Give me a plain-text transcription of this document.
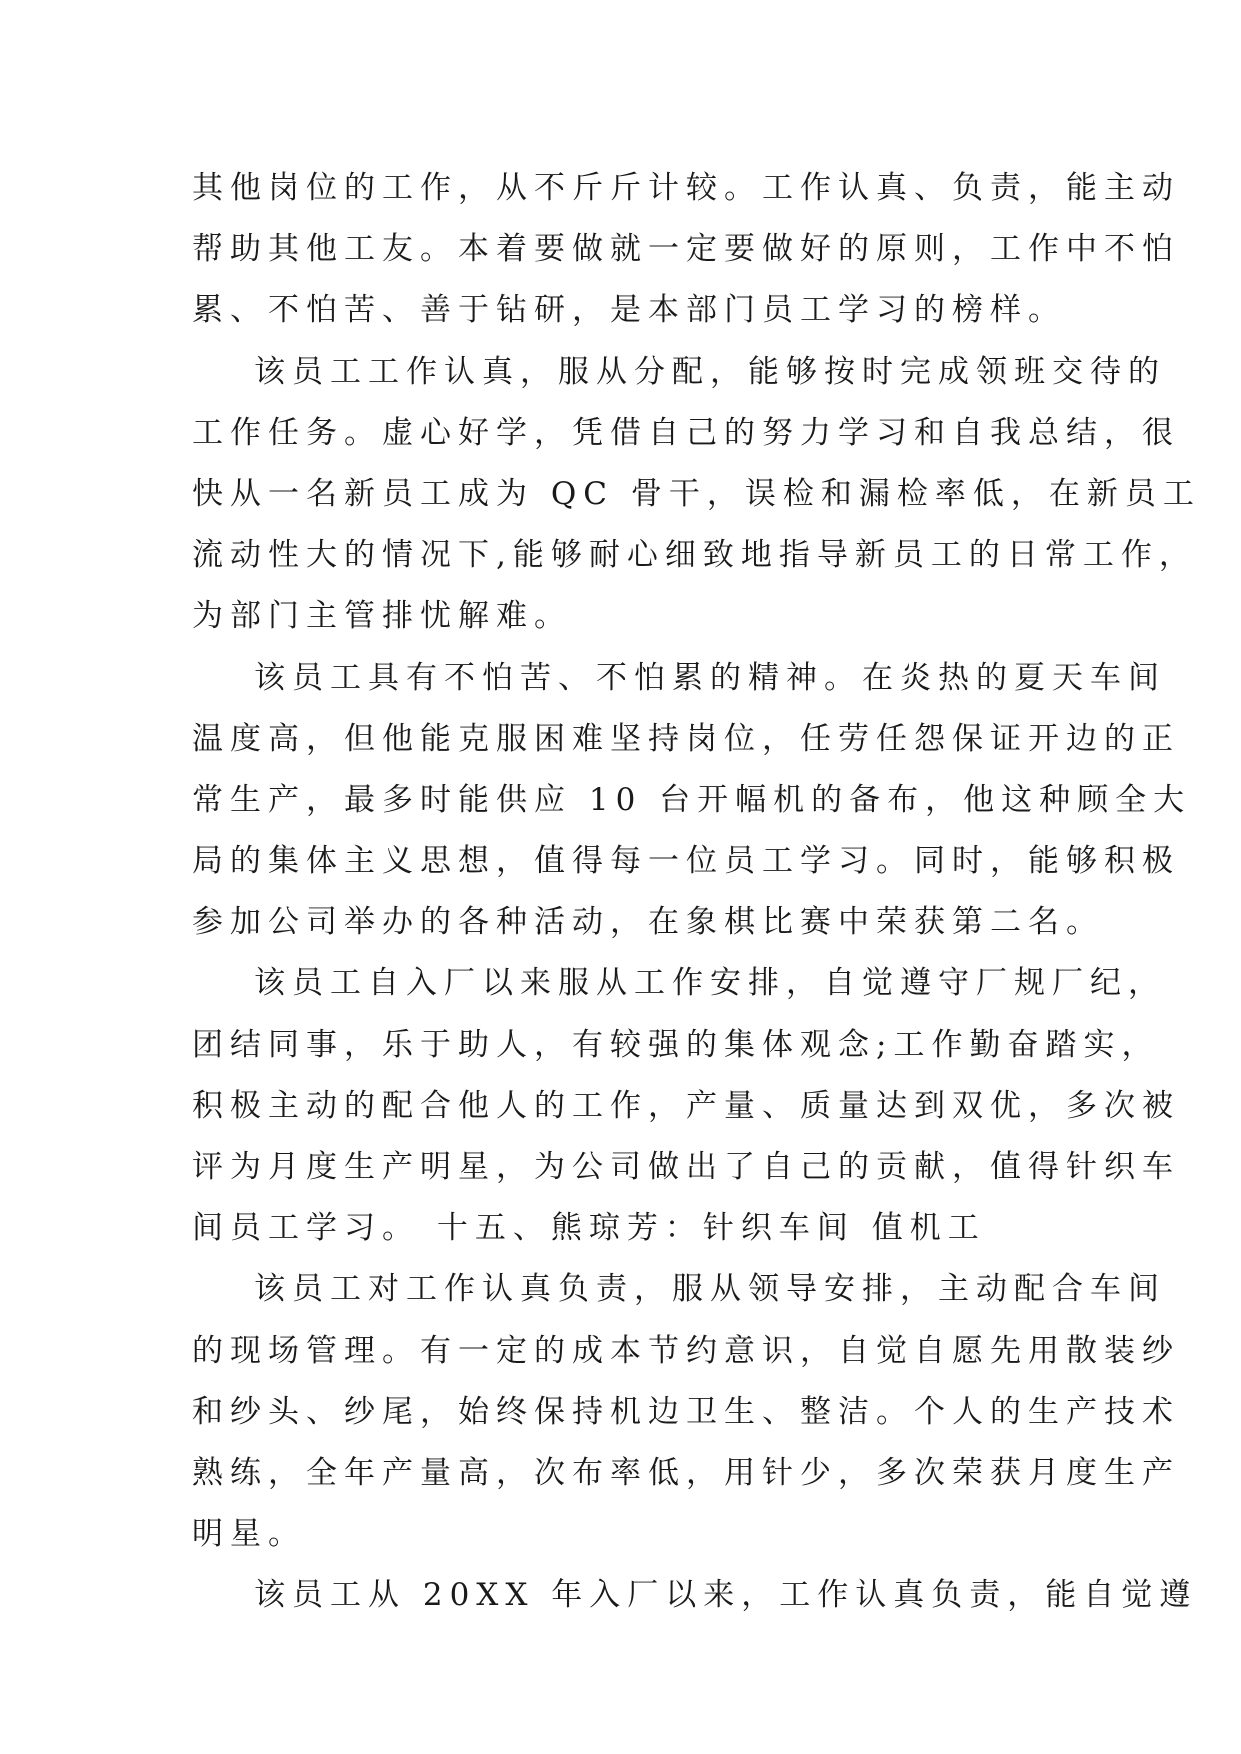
其他岗位的工作，从不斤斤计较。工作认真、负责，能主动
帮助其他工友。本着要做就一定要做好的原则，工作中不怕
累、不怕苦、善于钻研，是本部门员工学习的榜样。
该员工工作认真，服从分配，能够按时完成领班交待的
工作任务。虚心好学，凭借自己的努力学习和自我总结，很
快从一名新员工成为 QC 骨干，误检和漏检率低，在新员工
流动性大的情况下,能够耐心细致地指导新员工的日常工作，
为部门主管排忧解难。
该员工具有不怕苦、不怕累的精神。在炎热的夏天车间
温度高，但他能克服困难坚持岗位，任劳任怨保证开边的正
常生产，最多时能供应 10 台开幅机的备布，他这种顾全大
局的集体主义思想，值得每一位员工学习。同时，能够积极
参加公司举办的各种活动，在象棋比赛中荣获第二名。
该员工自入厂以来服从工作安排，自觉遵守厂规厂纪，
团结同事，乐于助人，有较强的集体观念;工作勤奋踏实，
积极主动的配合他人的工作，产量、质量达到双优，多次被
评为月度生产明星，为公司做出了自己的贡献，值得针织车
间员工学习。 十五、熊琼芳：针织车间 值机工
该员工对工作认真负责，服从领导安排，主动配合车间
的现场管理。有一定的成本节约意识，自觉自愿先用散装纱
和纱头、纱尾，始终保持机边卫生、整洁。个人的生产技术
熟练，全年产量高，次布率低，用针少，多次荣获月度生产
明星。
该员工从 20XX 年入厂以来，工作认真负责，能自觉遵
